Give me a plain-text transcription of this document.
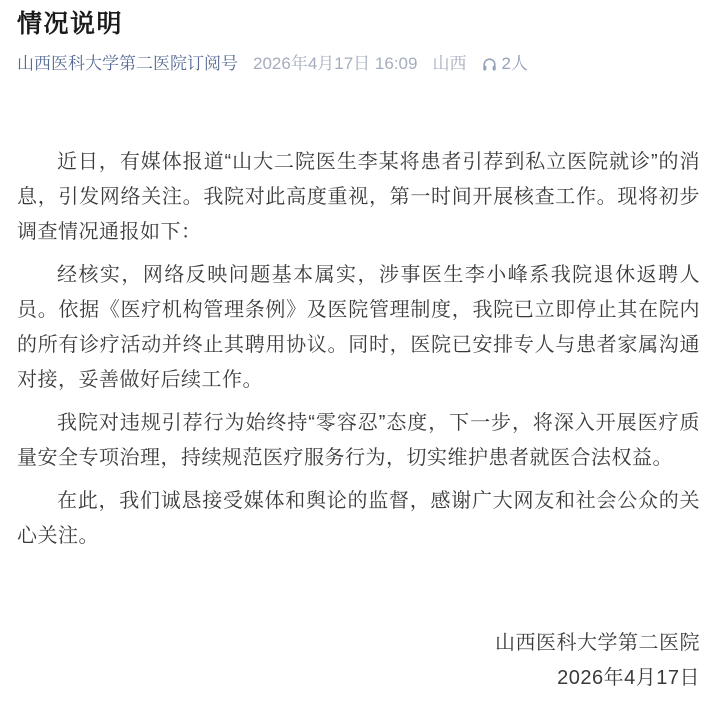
情况说明
山西医科大学第二医院订阅号 2026年4月17日 16:09 山西 2人

近日，有媒体报道“山大二院医生李某将患者引荐到私立医院就诊”的消息，引发网络关注。我院对此高度重视，第一时间开展核查工作。现将初步调查情况通报如下：

经核实，网络反映问题基本属实，涉事医生李小峰系我院退休返聘人员。依据《医疗机构管理条例》及医院管理制度，我院已立即停止其在院内的所有诊疗活动并终止其聘用协议。同时，医院已安排专人与患者家属沟通对接，妥善做好后续工作。

我院对违规引荐行为始终持“零容忍”态度，下一步，将深入开展医疗质量安全专项治理，持续规范医疗服务行为，切实维护患者就医合法权益。

在此，我们诚恳接受媒体和舆论的监督，感谢广大网友和社会公众的关心关注。

山西医科大学第二医院

2026年4月17日
